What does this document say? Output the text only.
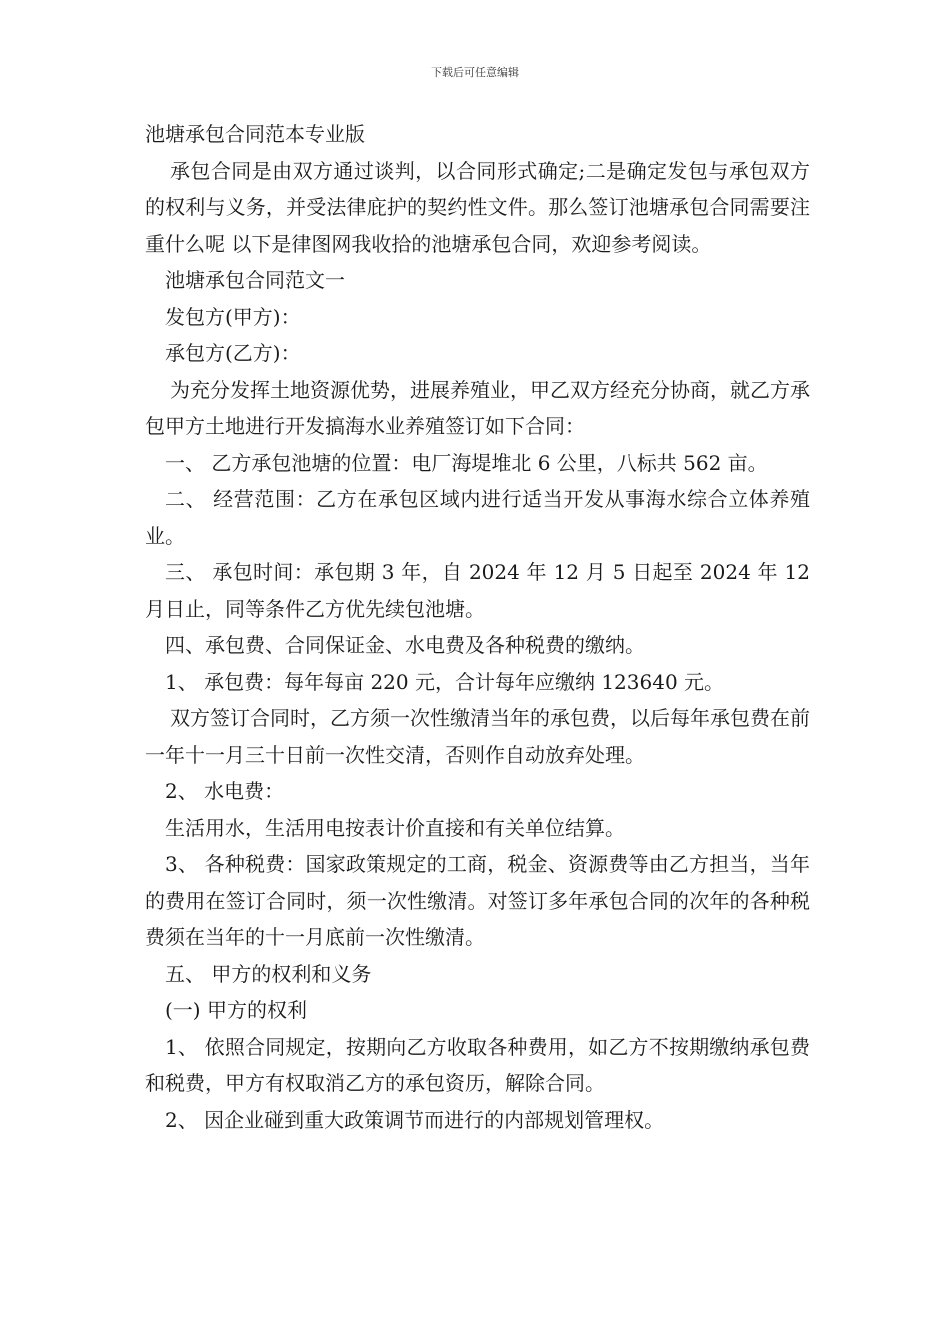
下载后可任意编辑

池塘承包合同范本专业版

承包合同是由双方通过谈判，以合同形式确定;二是确定发包与承包双方的权利与义务，并受法律庇护的契约性文件。那么签订池塘承包合同需要注重什么呢 以下是律图网我收拾的池塘承包合同，欢迎参考阅读。

池塘承包合同范文一

发包方(甲方)：

承包方(乙方)：

为充分发挥土地资源优势，进展养殖业，甲乙双方经充分协商，就乙方承包甲方土地进行开发搞海水业养殖签订如下合同：

一、 乙方承包池塘的位置：电厂海堤堆北 6 公里，八标共 562 亩。

二、 经营范围：乙方在承包区域内进行适当开发从事海水综合立体养殖业。

三、 承包时间：承包期 3 年，自 2024 年 12 月 5 日起至 2024 年 12 月日止，同等条件乙方优先续包池塘。

四、承包费、合同保证金、水电费及各种税费的缴纳。

1、 承包费：每年每亩 220 元，合计每年应缴纳 123640 元。

双方签订合同时，乙方须一次性缴清当年的承包费，以后每年承包费在前一年十一月三十日前一次性交清，否则作自动放弃处理。

2、 水电费：

生活用水，生活用电按表计价直接和有关单位结算。

3、 各种税费：国家政策规定的工商，税金、资源费等由乙方担当，当年的费用在签订合同时，须一次性缴清。对签订多年承包合同的次年的各种税费须在当年的十一月底前一次性缴清。

五、 甲方的权利和义务

(一) 甲方的权利

1、 依照合同规定，按期向乙方收取各种费用，如乙方不按期缴纳承包费和税费，甲方有权取消乙方的承包资历，解除合同。

2、 因企业碰到重大政策调节而进行的内部规划管理权。
